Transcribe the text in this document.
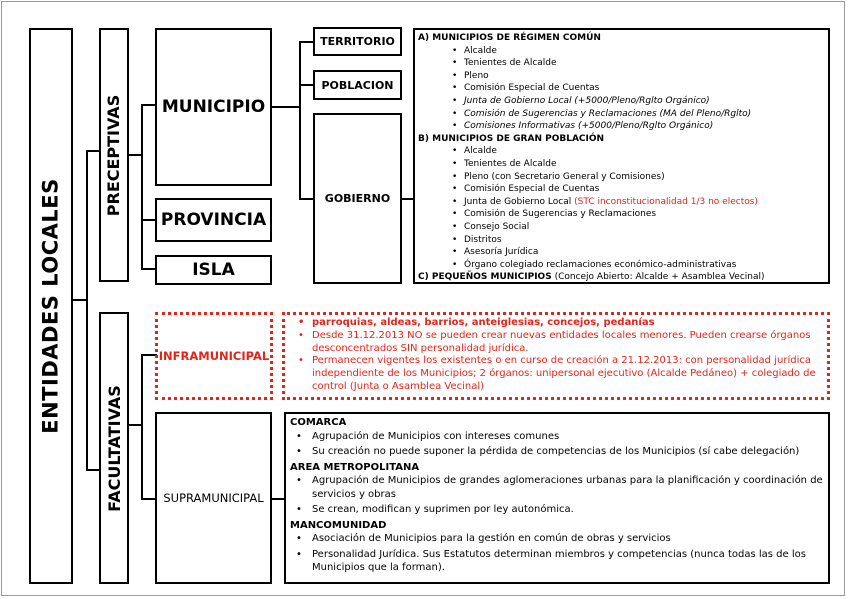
ENTIDADES LOCALES
PRECEPTIVAS
FACULTATIVAS
MUNICIPIO
PROVINCIA
ISLA
TERRITORIO
POBLACION
GOBIERNO
A) MUNICIPIOS DE RÉGIMEN COMÚN
• Alcalde
• Tenientes de Alcalde
• Pleno
• Comisión Especial de Cuentas
• Junta de Gobierno Local (+5000/Pleno/Rglto Orgánico)
• Comisión de Sugerencias y Reclamaciones (MA del Pleno/Rglto)
• Comisiones Informativas (+5000/Pleno/Rglto Orgánico)
B) MUNICIPIOS DE GRAN POBLACIÓN
• Alcalde
• Tenientes de Alcalde
• Pleno (con Secretario General y Comisiones)
• Comisión Especial de Cuentas
• Junta de Gobierno Local (STC inconstitucionalidad 1/3 no electos)
• Comisión de Sugerencias y Reclamaciones
• Consejo Social
• Distritos
• Asesoría Jurídica
• Órgano colegiado reclamaciones económico-administrativas
C) PEQUEÑOS MUNICIPIOS (Concejo Abierto: Alcalde + Asamblea Vecinal)
INFRAMUNICIPAL
• parroquias, aldeas, barrios, anteiglesias, concejos, pedanías
• Desde 31.12.2013 NO se pueden crear nuevas entidades locales menores. Pueden crearse órganos desconcentrados SIN personalidad jurídica.
• Permanecen vigentes los existentes o en curso de creación a 21.12.2013: con personalidad jurídica independiente de los Municipios; 2 órganos: unipersonal ejecutivo (Alcalde Pedáneo) + colegiado de control (Junta o Asamblea Vecinal)
SUPRAMUNICIPAL
COMARCA
• Agrupación de Municipios con intereses comunes
• Su creación no puede suponer la pérdida de competencias de los Municipios (sí cabe delegación)
AREA METROPOLITANA
• Agrupación de Municipios de grandes aglomeraciones urbanas para la planificación y coordinación de servicios y obras
• Se crean, modifican y suprimen por ley autonómica.
MANCOMUNIDAD
• Asociación de Municipios para la gestión en común de obras y servicios
• Personalidad Jurídica. Sus Estatutos determinan miembros y competencias (nunca todas las de los Municipios que la forman).
